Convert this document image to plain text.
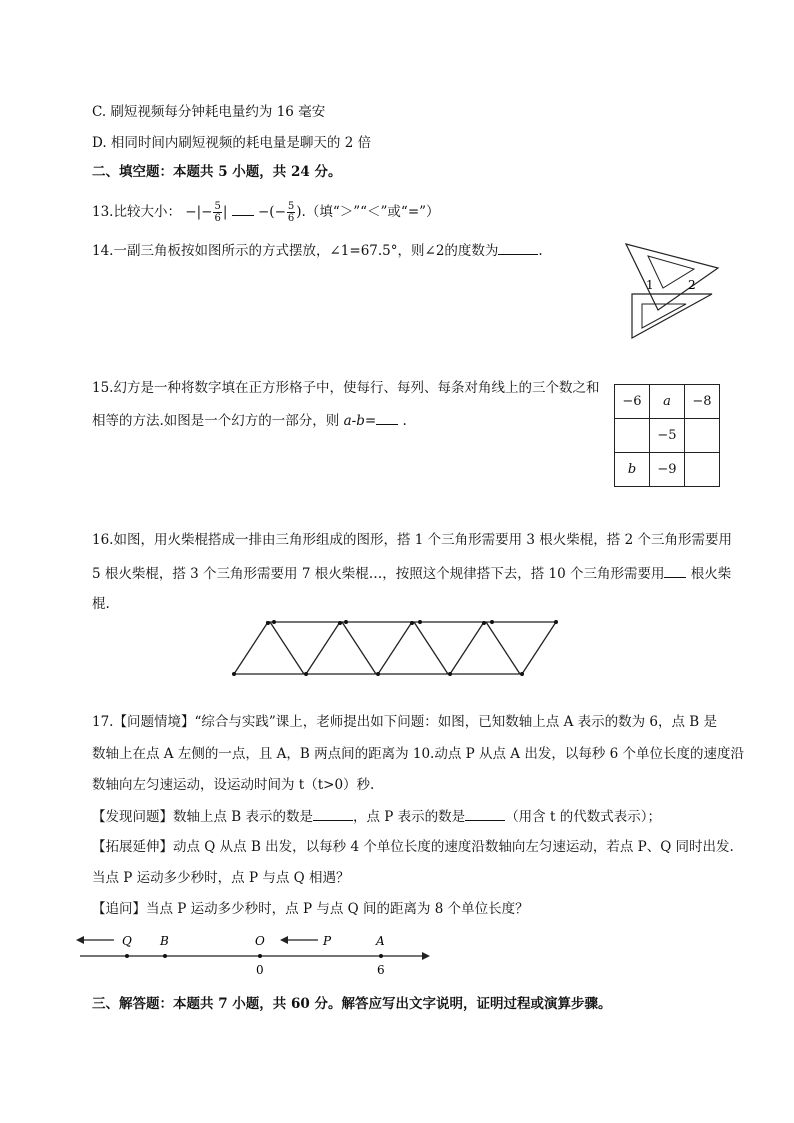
C. 刷短视频每分钟耗电量约为 16 毫安
D. 相同时间内刷短视频的耗电量是聊天的 2 倍
二、填空题：本题共 5 小题，共 24 分。
13.比较大小： −|− $\frac{5}{6}$ | −(− $\frac{5}{6}$ ).（填“＞”“＜”或“=”）
14.一副三角板按如图所示的方式摆放，∠1=67.5°，则∠2的度数为	.
1	2
15.幻方是一种将数字填在正方形格子中，使每行、每列、每条对角线上的三个数之和
相等的方法.如图是一个幻方的一部分，则 a-b= .
−6	a	−8
	−5	
b	−9	
16.如图，用火柴棍搭成一排由三角形组成的图形，搭 1 个三角形需要用 3 根火柴棍，搭 2 个三角形需要用
5 根火柴棍，搭 3 个三角形需要用 7 根火柴棍…，按照这个规律搭下去，搭 10 个三角形需要用 根火柴
棍.
17.【问题情境】“综合与实践”课上，老师提出如下问题：如图，已知数轴上点 A 表示的数为 6，点 B 是
数轴上在点 A 左侧的一点，且 A，B 两点间的距离为 10.动点 P 从点 A 出发，以每秒 6 个单位长度的速度沿
数轴向左匀速运动，设运动时间为 t（t>0）秒.
【发现问题】数轴上点 B 表示的数是	，点 P 表示的数是	（用含 t 的代数式表示）；
【拓展延伸】动点 Q 从点 B 出发，以每秒 4 个单位长度的速度沿数轴向左匀速运动，若点 P、Q 同时出发.
当点 P 运动多少秒时，点 P 与点 Q 相遇？
【追问】当点 P 运动多少秒时，点 P 与点 Q 间的距离为 8 个单位长度？
Q B	O	P	A
0	6
三、解答题：本题共 7 小题，共 60 分。解答应写出文字说明，证明过程或演算步骤。
